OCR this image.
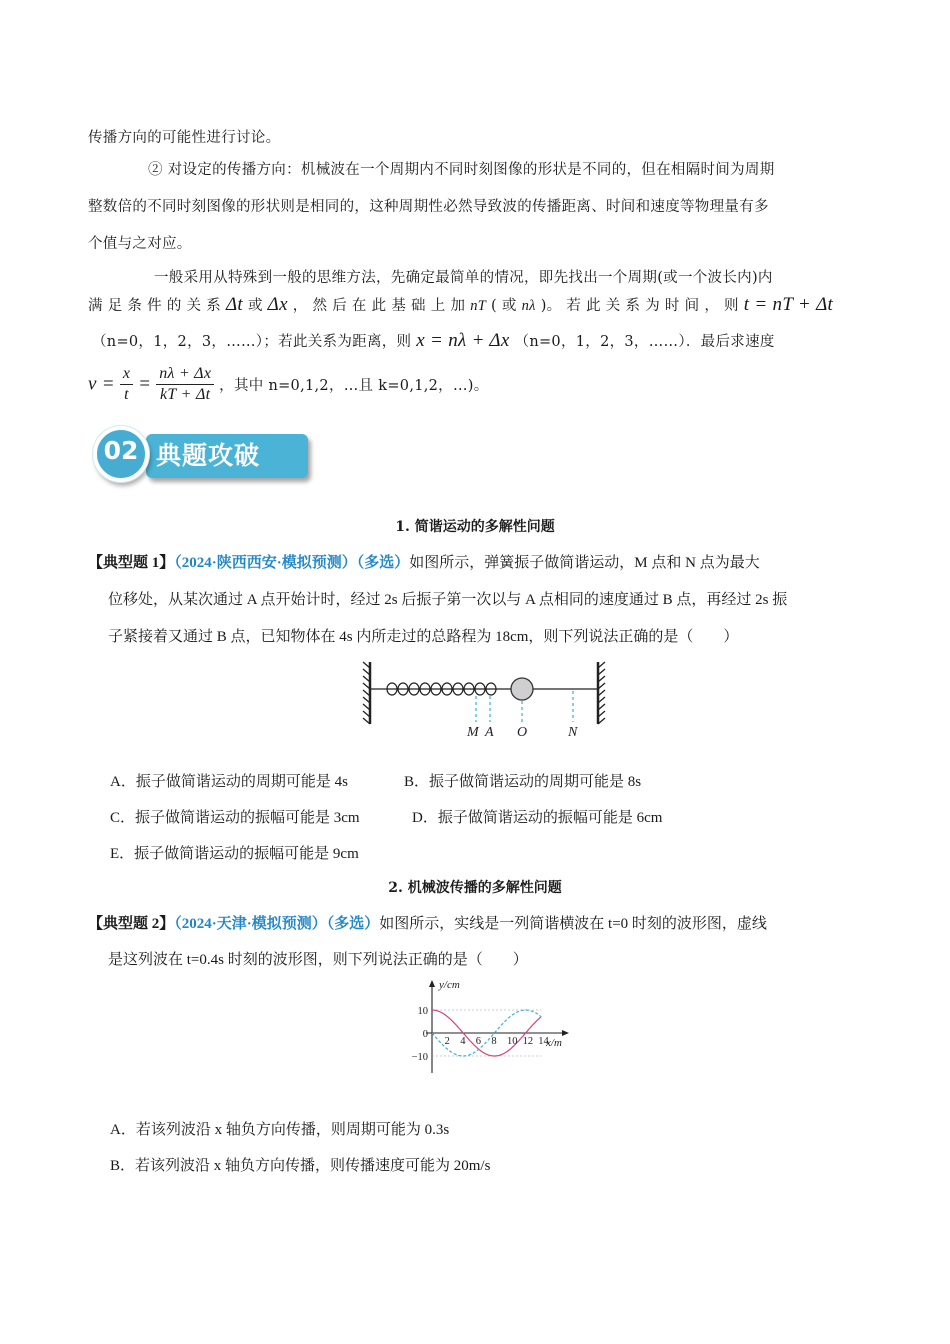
传播方向的可能性进行讨论。
② 对设定的传播方向：机械波在一个周期内不同时刻图像的形状是不同的，但在相隔时间为周期
整数倍的不同时刻图像的形状则是相同的，这种周期性必然导致波的传播距离、时间和速度等物理量有多
个值与之对应。
一般采用从特殊到一般的思维方法，先确定最简单的情况，即先找出一个周期(或一个波长内)内
满 足 条 件 的 关 系 Δt 或 Δx ， 然 后 在 此 基 础 上 加 nT ( 或 nλ )。 若 此 关 系 为 时 间 ， 则 t = nT + Δt
（n=0，1，2，3，……）；若此关系为距离，则 x = nλ + Δx （n=0，1，2，3，……）．最后求速度
$v = \frac{x}{t} = \frac{n\lambda + \Delta x}{kT + \Delta t}$ ，其中 n=0,1,2，…且 k=0,1,2，…)。
典题攻破
02
1. 简谐运动的多解性问题
【典型题 1】（2024·陕西西安·模拟预测）（多选）如图所示，弹簧振子做简谐运动，M 点和 N 点为最大
位移处，从某次通过 A 点开始计时，经过 2s 后振子第一次以与 A 点相同的速度通过 B 点，再经过 2s 振
子紧接着又通过 B 点，已知物体在 4s 内所走过的总路程为 18cm，则下列说法正确的是（　　）
M A O	N
A．振子做简谐运动的周期可能是 4s	B．振子做简谐运动的周期可能是 8s
C．振子做简谐运动的振幅可能是 3cm	D．振子做简谐运动的振幅可能是 6cm
E．振子做简谐运动的振幅可能是 9cm
2. 机械波传播的多解性问题
【典型题 2】（2024·天津·模拟预测）（多选）如图所示，实线是一列简谐横波在 t=0 时刻的波形图，虚线
是这列波在 t=0.4s 时刻的波形图，则下列说法正确的是（　　）
2 4 6 8 10 12 14
10
0
−10
y/cm
x/m
A．若该列波沿 x 轴负方向传播，则周期可能为 0.3s
B．若该列波沿 x 轴负方向传播，则传播速度可能为 20m/s
